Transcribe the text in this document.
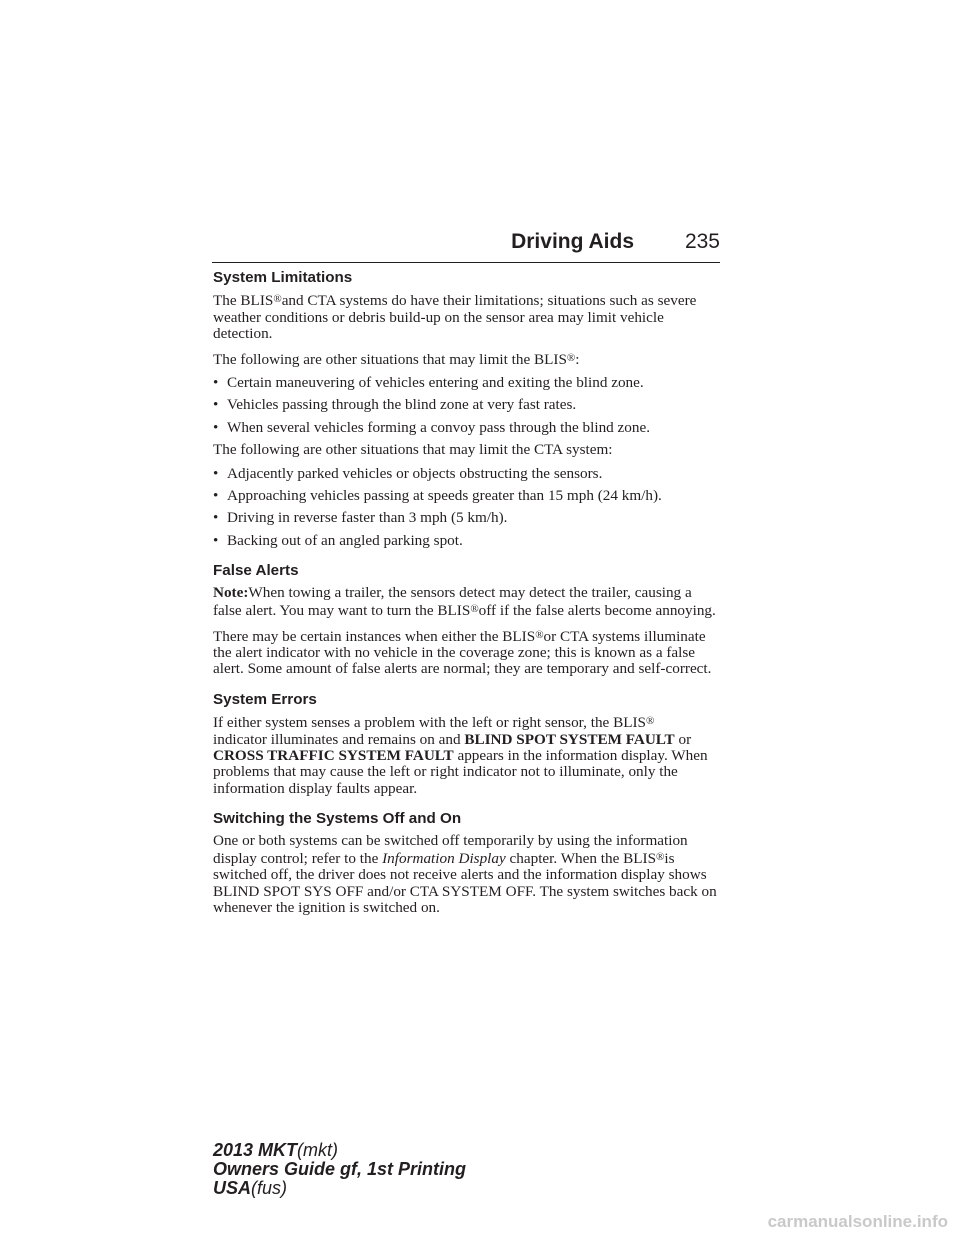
Driving Aids 235
System Limitations

The BLIS®and CTA systems do have their limitations; situations such as severe weather conditions or debris build-up on the sensor area may limit vehicle detection.

The following are other situations that may limit the BLIS®:

• Certain maneuvering of vehicles entering and exiting the blind zone.
• Vehicles passing through the blind zone at very fast rates.
• When several vehicles forming a convoy pass through the blind zone.

The following are other situations that may limit the CTA system:

• Adjacently parked vehicles or objects obstructing the sensors.
• Approaching vehicles passing at speeds greater than 15 mph (24 km/h).
• Driving in reverse faster than 3 mph (5 km/h).
• Backing out of an angled parking spot.
False Alerts

Note:When towing a trailer, the sensors detect may detect the trailer, causing a false alert. You may want to turn the BLIS®off if the false alerts become annoying.

There may be certain instances when either the BLIS®or CTA systems illuminate the alert indicator with no vehicle in the coverage zone; this is known as a false alert. Some amount of false alerts are normal; they are temporary and self-correct.

System Errors

If either system senses a problem with the left or right sensor, the BLIS®
indicator illuminates and remains on and BLIND SPOT SYSTEM FAULT or CROSS TRAFFIC SYSTEM FAULT appears in the information display. When problems that may cause the left or right indicator not to illuminate, only the information display faults appear.

Switching the Systems Off and On

One or both systems can be switched off temporarily by using the information display control; refer to the Information Display chapter. When the BLIS®is switched off, the driver does not receive alerts and the information display shows BLIND SPOT SYS OFF and/or CTA SYSTEM OFF. The system switches back on whenever the ignition is switched on.

2013 MKT(mkt)
Owners Guide gf, 1st Printing
USA(fus)
carmanualsonline.info
